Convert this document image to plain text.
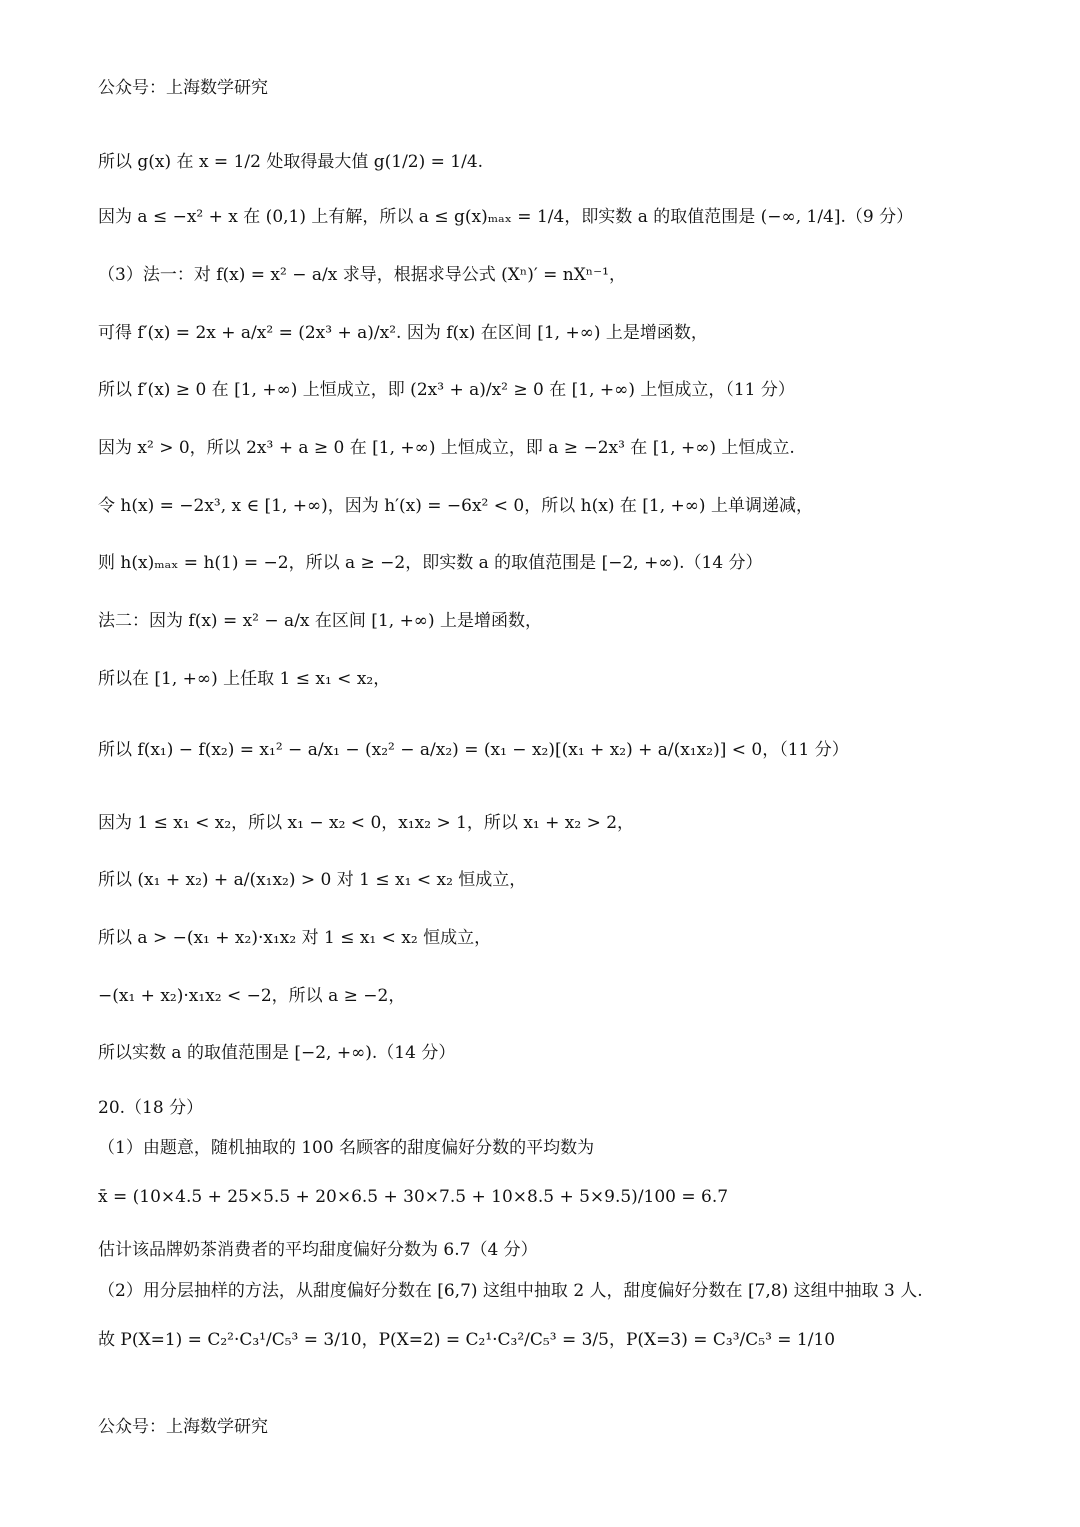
公众号：上海数学研究
所以 g(x) 在 x = 1/2 处取得最大值 g(1/2) = 1/4.
因为 a ≤ −x² + x 在 (0,1) 上有解，所以 a ≤ g(x)ₘₐₓ = 1/4，即实数 a 的取值范围是 (−∞, 1/4].（9 分）
（3）法一：对 f(x) = x² − a/x 求导，根据求导公式 (Xⁿ)′ = nXⁿ⁻¹，
可得 f′(x) = 2x + a/x² = (2x³ + a)/x². 因为 f(x) 在区间 [1, +∞) 上是增函数，
所以 f′(x) ≥ 0 在 [1, +∞) 上恒成立，即 (2x³ + a)/x² ≥ 0 在 [1, +∞) 上恒成立，（11 分）
因为 x² > 0，所以 2x³ + a ≥ 0 在 [1, +∞) 上恒成立，即 a ≥ −2x³ 在 [1, +∞) 上恒成立.
令 h(x) = −2x³, x ∈ [1, +∞)，因为 h′(x) = −6x² < 0，所以 h(x) 在 [1, +∞) 上单调递减，
则 h(x)ₘₐₓ = h(1) = −2，所以 a ≥ −2，即实数 a 的取值范围是 [−2, +∞).（14 分）
法二：因为 f(x) = x² − a/x 在区间 [1, +∞) 上是增函数，
所以在 [1, +∞) 上任取 1 ≤ x₁ < x₂，
所以 f(x₁) − f(x₂) = x₁² − a/x₁ − (x₂² − a/x₂) = (x₁ − x₂)[(x₁ + x₂) + a/(x₁x₂)] < 0，（11 分）
因为 1 ≤ x₁ < x₂，所以 x₁ − x₂ < 0，x₁x₂ > 1，所以 x₁ + x₂ > 2，
所以 (x₁ + x₂) + a/(x₁x₂) > 0 对 1 ≤ x₁ < x₂ 恒成立，
所以 a > −(x₁ + x₂)·x₁x₂ 对 1 ≤ x₁ < x₂ 恒成立，
−(x₁ + x₂)·x₁x₂ < −2，所以 a ≥ −2，
所以实数 a 的取值范围是 [−2, +∞).（14 分）
20.（18 分）
（1）由题意，随机抽取的 100 名顾客的甜度偏好分数的平均数为
x̄ = (10×4.5 + 25×5.5 + 20×6.5 + 30×7.5 + 10×8.5 + 5×9.5)/100 = 6.7
估计该品牌奶茶消费者的平均甜度偏好分数为 6.7（4 分）
（2）用分层抽样的方法，从甜度偏好分数在 [6,7) 这组中抽取 2 人，甜度偏好分数在 [7,8) 这组中抽取 3 人.
故 P(X=1) = C₂²·C₃¹/C₅³ = 3/10，P(X=2) = C₂¹·C₃²/C₅³ = 3/5，P(X=3) = C₃³/C₅³ = 1/10
公众号：上海数学研究
